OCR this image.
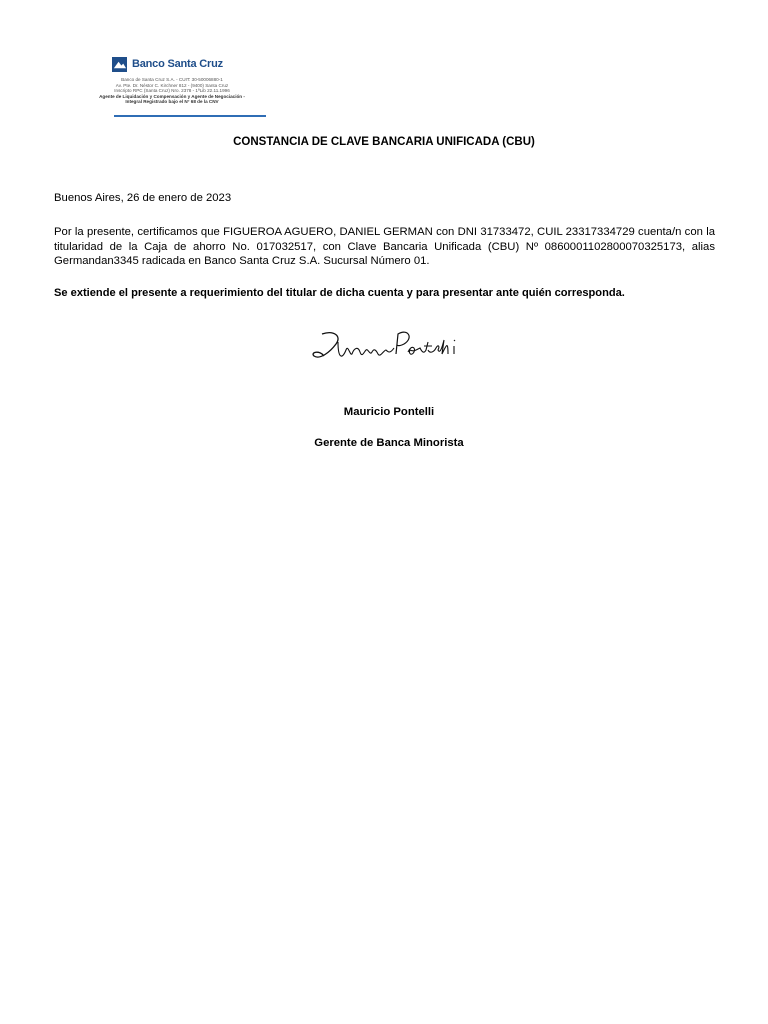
Banco Santa Cruz
Banco de Santa Cruz S.A. - CUIT: 30-50006880-1
Av. Pte. Dr. Néstor C. Kirchner 812 - (9400) Santa Cruz
Inscripto RPC (Santa Cruz) Nro. 2378 - 1ªLib 22.11.1996
Agente de Liquidación y Compensación y Agente de Negociación -
Integral Registrado bajo el N° 68 de la CNV
CONSTANCIA DE CLAVE BANCARIA UNIFICADA (CBU)
Buenos Aires, 26 de enero de 2023
Por la presente, certificamos que FIGUEROA AGUERO, DANIEL GERMAN con DNI 31733472, CUIL 23317334729 cuenta/n con la titularidad de la Caja de ahorro No. 017032517, con Clave Bancaria Unificada (CBU) Nº 0860001102800070325173, alias Germandan3345 radicada en Banco Santa Cruz S.A. Sucursal Número 01.
Se extiende el presente a requerimiento del titular de dicha cuenta y para presentar ante quién corresponda.
Mauricio Pontelli
Gerente de Banca Minorista
